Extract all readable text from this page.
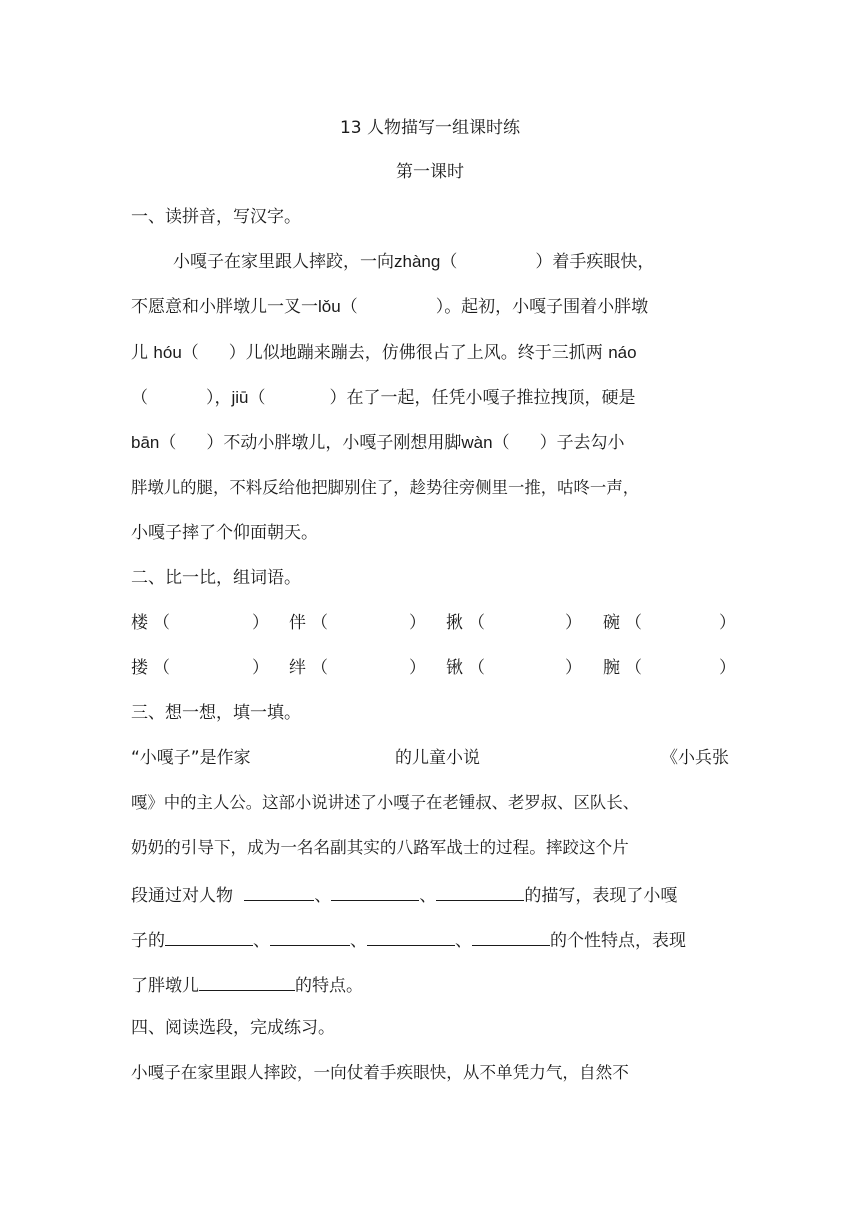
13 人物描写一组课时练
第一课时
一、读拼音，写汉字。
小嘎子在家里跟人摔跤，一向zhàng（	）着手疾眼快，
不愿意和小胖墩儿一叉一lǒu（	）。起初，小嘎子围着小胖墩
儿 hóu（ ）儿似地蹦来蹦去，仿佛很占了上风。终于三抓两 náo
（	），jiū（	）在了一起，任凭小嘎子推拉拽顶，硬是
bān（ ）不动小胖墩儿，小嘎子刚想用脚wàn（ ）子去勾小
胖墩儿的腿，不料反给他把脚别住了，趁势往旁侧里一推，咕咚一声，
小嘎子摔了个仰面朝天。
二、比一比，组词语。
楼 （	） 伴 （	） 揪 （	） 碗 （	）
搂 （	） 绊 （	） 锹 （	） 腕 （	）
三、想一想，填一填。
“小嘎子”是作家	的儿童小说	《小兵张
嘎》中的主人公。这部小说讲述了小嘎子在老锺叔、老罗叔、区队长、
奶奶的引导下，成为一名名副其实的八路军战士的过程。摔跤这个片
段通过对人物	、	、	的描写，表现了小嘎
子的	、	、	、	的个性特点，表现
了胖墩儿	的特点。
四、阅读选段，完成练习。
小嘎子在家里跟人摔跤，一向仗着手疾眼快，从不单凭力气，自然不
